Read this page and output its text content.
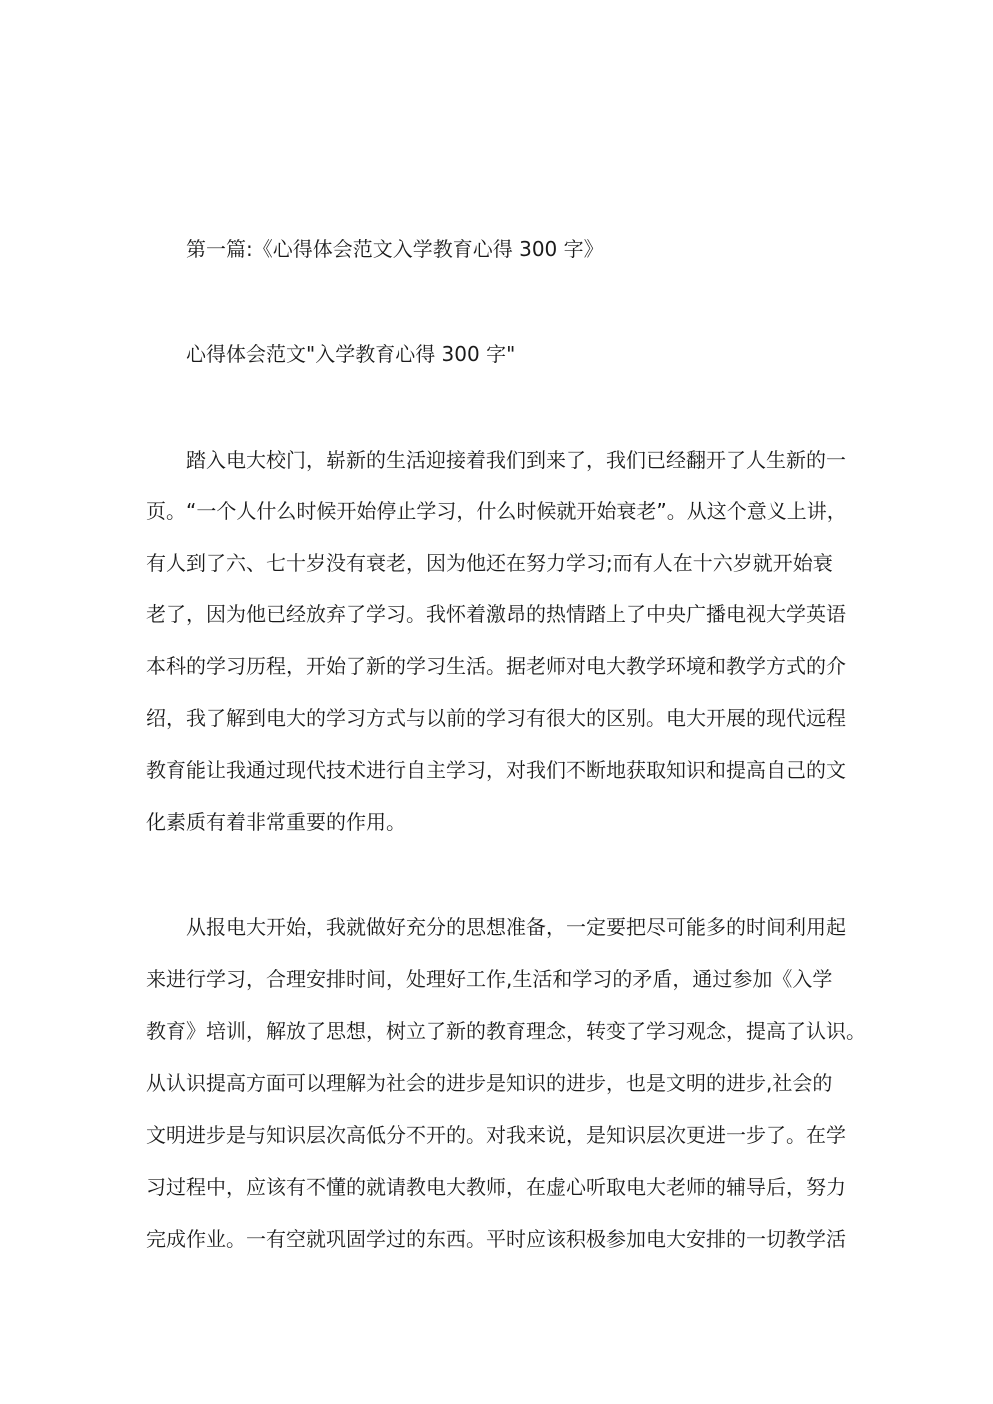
第一篇:《心得体会范文入学教育心得 300 字》
心得体会范文"入学教育心得 300 字"
踏入电大校门，崭新的生活迎接着我们到来了，我们已经翻开了人生新的一
页。“一个人什么时候开始停止学习，什么时候就开始衰老”。从这个意义上讲，
有人到了六、七十岁没有衰老，因为他还在努力学习;而有人在十六岁就开始衰
老了，因为他已经放弃了学习。我怀着激昂的热情踏上了中央广播电视大学英语
本科的学习历程，开始了新的学习生活。据老师对电大教学环境和教学方式的介
绍，我了解到电大的学习方式与以前的学习有很大的区别。电大开展的现代远程
教育能让我通过现代技术进行自主学习，对我们不断地获取知识和提高自己的文
化素质有着非常重要的作用。
从报电大开始，我就做好充分的思想准备，一定要把尽可能多的时间利用起
来进行学习，合理安排时间，处理好工作,生活和学习的矛盾，通过参加《入学
教育》培训，解放了思想，树立了新的教育理念，转变了学习观念，提高了认识。
从认识提高方面可以理解为社会的进步是知识的进步，也是文明的进步,社会的
文明进步是与知识层次高低分不开的。对我来说，是知识层次更进一步了。在学
习过程中，应该有不懂的就请教电大教师，在虚心听取电大老师的辅导后，努力
完成作业。一有空就巩固学过的东西。平时应该积极参加电大安排的一切教学活
